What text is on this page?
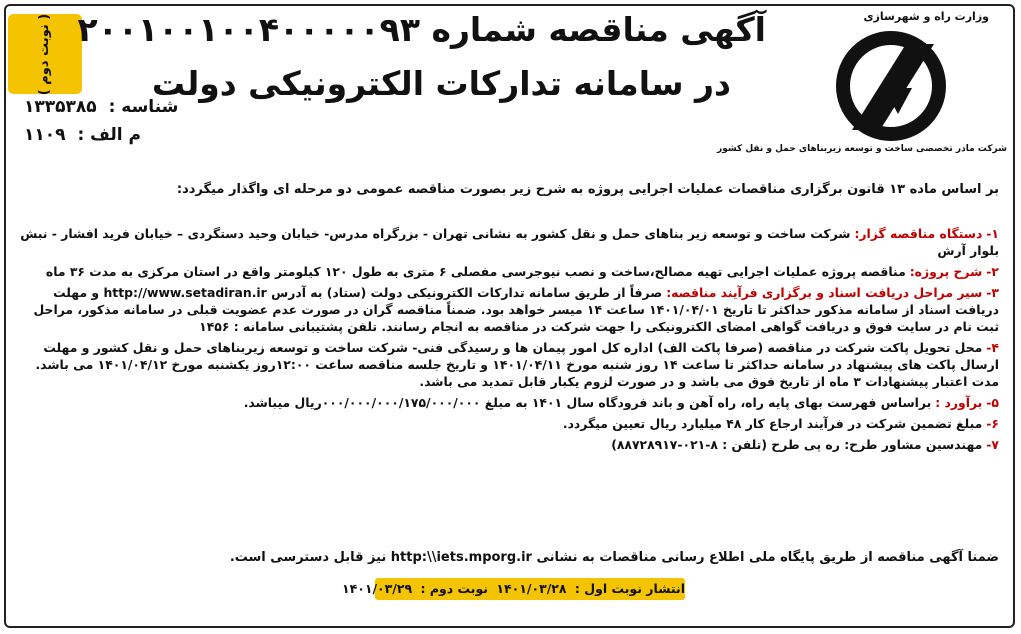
( نوبت دوم )	وزارت راه و شهرسازی
شرکت مادر تخصصی ساخت و توسعه زیربناهای حمل و نقل کشور
آگهی مناقصه شماره ۲۰۰۱۰۰۱۰۰۴۰۰۰۰۰۹۳
در سامانه تدارکات الکترونیکی دولت
شناسه : ۱۳۳۵۳۸۵
م الف : ۱۱۰۹
بر اساس ماده ۱۳ قانون برگزاری مناقصات عملیات اجرایی پروژه به شرح زیر بصورت مناقصه عمومی دو مرحله ای واگذار میگردد:
۱- دستگاه مناقصه گزار: شرکت ساخت و توسعه زیر بناهای حمل و نقل کشور به نشانی تهران - بزرگراه مدرس- خیابان وحید دستگردی – خیابان فرید افشار - نبش بلوار آرش
۲- شرح پروژه: مناقصه پروژه عملیات اجرایی تهیه مصالح،ساخت و نصب نیوجرسی مفصلی ۶ متری به طول ۱۲۰ کیلومتر واقع در استان مرکزی به مدت ۳۶ ماه
۳- سیر مراحل دریافت اسناد و برگزاری فرآیند مناقصه: صرفاً از طریق سامانه تدارکات الکترونیکی دولت (ستاد) به آدرس http://www.setadiran.ir و مهلت دریافت اسناد از سامانه مذکور حداکثر تا تاریخ ۱۴۰۱/۰۴/۰۱ ساعت ۱۴ میسر خواهد بود. ضمناً مناقصه گران در صورت عدم عضویت قبلی در سامانه مذکور، مراحل ثبت نام در سایت فوق و دریافت گواهی امضای الکترونیکی را جهت شرکت در مناقصه به انجام رسانند. تلفن پشتیبانی سامانه : ۱۴۵۶
۴- محل تحویل پاکت شرکت در مناقصه (صرفا پاکت الف) اداره کل امور پیمان ها و رسیدگی فنی- شرکت ساخت و توسعه زیربناهای حمل و نقل کشور و مهلت ارسال پاکت های پیشنهاد در سامانه حداکثر تا ساعت ۱۴ روز شنبه مورخ ۱۴۰۱/۰۴/۱۱ و تاریخ جلسه مناقصه ساعت ۱۲:۰۰روز یکشنبه مورخ ۱۴۰۱/۰۴/۱۲ می باشد. مدت اعتبار پیشنهادات ۳ ماه از تاریخ فوق می باشد و در صورت لزوم یکبار قابل تمدید می باشد.
۵- برآورد : براساس فهرست بهای پایه راه، راه آهن و باند فرودگاه سال ۱۴۰۱ به مبلغ ۰۰۰/۰۰۰/۰۰۰/۱۷۵/۰۰۰/۰۰۰ریال میباشد.
۶- مبلغ تضمین شرکت در فرآیند ارجاع کار ۴۸ میلیارد ریال تعیین میگردد.
۷- مهندسین مشاور طرح: ره پی طرح (تلفن : ۸-۰۲۱-۸۸۷۲۸۹۱۷)
ضمنا آگهی مناقصه از طریق پایگاه ملی اطلاع رسانی مناقصات به نشانی http:\\iets.mporg.ir نیز قابل دسترسی است.
انتشار نوبت اول : ۱۴۰۱/۰۳/۲۸ نوبت دوم : ۱۴۰۱/۰۳/۲۹
